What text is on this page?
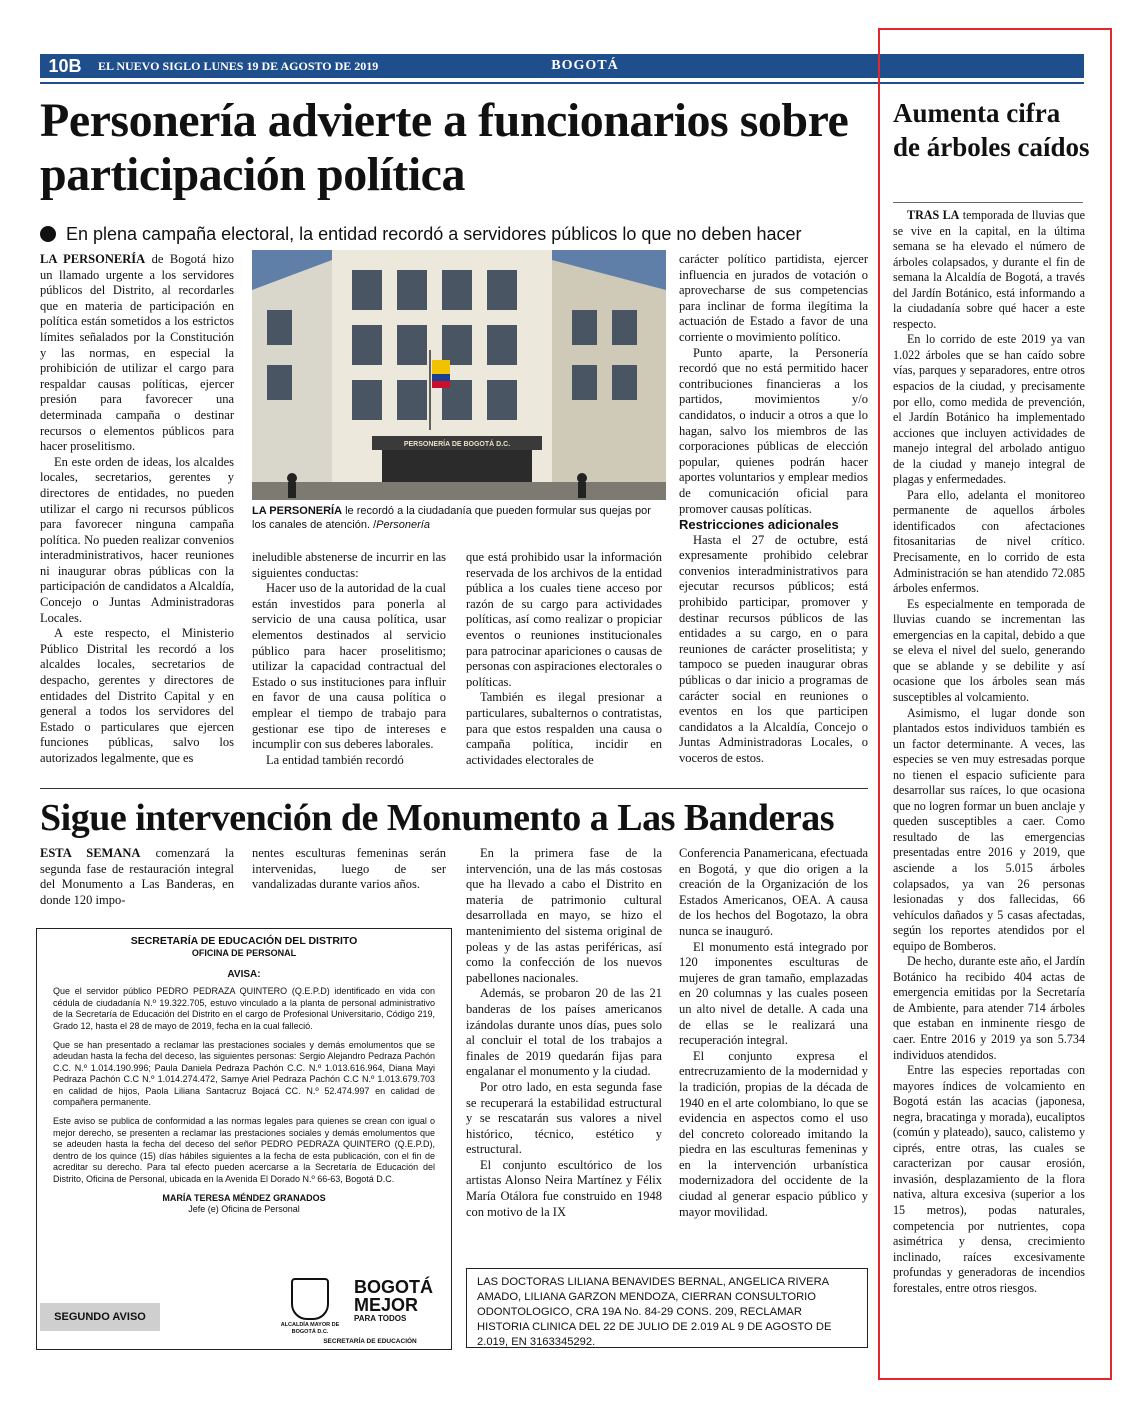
10B	EL NUEVO SIGLO LUNES 19 DE AGOSTO DE 2019	BOGOTÁ
Personería advierte a funcionarios sobre participación política
En plena campaña electoral, la entidad recordó a servidores públicos lo que no deben hacer

LA PERSONERÍA de Bogotá hizo un llamado urgente a los servidores públicos del Distrito, al recordarles que en materia de participación en política están sometidos a los estrictos límites señalados por la Constitución y las normas, en especial la prohibición de utilizar el cargo para respaldar causas políticas, ejercer presión para favorecer una determinada campaña o destinar recursos o elementos públicos para hacer proselitismo.

En este orden de ideas, los alcaldes locales, secretarios, gerentes y directores de entidades, no pueden utilizar el cargo ni recursos públicos para favorecer ninguna campaña política. No pueden realizar convenios interadministrativos, hacer reuniones ni inaugurar obras públicas con la participación de candidatos a Alcaldía, Concejo o Juntas Administradoras Locales.

A este respecto, el Ministerio Público Distrital les recordó a los alcaldes locales, secretarios de despacho, gerentes y directores de entidades del Distrito Capital y en general a todos los servidores del Estado o particulares que ejercen funciones públicas, salvo los autorizados legalmente, que es

PERSONERÍA DE BOGOTÁ D.C.
LA PERSONERÍA le recordó a la ciudadanía que pueden formular sus quejas por los canales de atención. /Personería

ineludible abstenerse de incurrir en las siguientes conductas:

Hacer uso de la autoridad de la cual están investidos para ponerla al servicio de una causa política, usar elementos destinados al servicio público para hacer proselitismo; utilizar la capacidad contractual del Estado o sus instituciones para influir en favor de una causa política o emplear el tiempo de trabajo para gestionar ese tipo de intereses e incumplir con sus deberes laborales.

La entidad también recordó

que está prohibido usar la información reservada de los archivos de la entidad pública a los cuales tiene acceso por razón de su cargo para actividades políticas, así como realizar o propiciar eventos o reuniones institucionales para patrocinar apariciones o causas de personas con aspiraciones electorales o políticas.

También es ilegal presionar a particulares, subalternos o contratistas, para que estos respalden una causa o campaña política, incidir en actividades electorales de

carácter político partidista, ejercer influencia en jurados de votación o aprovecharse de sus competencias para inclinar de forma ilegítima la actuación de Estado a favor de una corriente o movimiento político.

Punto aparte, la Personería recordó que no está permitido hacer contribuciones financieras a los partidos, movimientos y/o candidatos, o inducir a otros a que lo hagan, salvo los miembros de las corporaciones públicas de elección popular, quienes podrán hacer aportes voluntarios y emplear medios de comunicación oficial para promover causas políticas.

Restricciones adicionales

Hasta el 27 de octubre, está expresamente prohibido celebrar convenios interadministrativos para ejecutar recursos públicos; está prohibido participar, promover y destinar recursos públicos de las entidades a su cargo, en o para reuniones de carácter proselitista; y tampoco se pueden inaugurar obras públicas o dar inicio a programas de carácter social en reuniones o eventos en los que participen candidatos a la Alcaldía, Concejo o Juntas Administradoras Locales, o voceros de estos.

Sigue intervención de Monumento a Las Banderas

ESTA SEMANA comenzará la segunda fase de restauración integral del Monumento a Las Banderas, en donde 120 impo-

nentes esculturas femeninas serán intervenidas, luego de ser vandalizadas durante varios años.

En la primera fase de la intervención, una de las más costosas que ha llevado a cabo el Distrito en materia de patrimonio cultural desarrollada en mayo, se hizo el mantenimiento del sistema original de poleas y de las astas periféricas, así como la confección de los nuevos pabellones nacionales.

Además, se probaron 20 de las 21 banderas de los países americanos izándolas durante unos días, pues solo al concluir el total de los trabajos a finales de 2019 quedarán fijas para engalanar el monumento y la ciudad.

Por otro lado, en esta segunda fase se recuperará la estabilidad estructural y se rescatarán sus valores a nivel histórico, técnico, estético y estructural.

El conjunto escultórico de los artistas Alonso Neira Martínez y Félix María Otálora fue construido en 1948 con motivo de la IX

Conferencia Panamericana, efectuada en Bogotá, y que dio origen a la creación de la Organización de los Estados Americanos, OEA. A causa de los hechos del Bogotazo, la obra nunca se inauguró.

El monumento está integrado por 120 imponentes esculturas de mujeres de gran tamaño, emplazadas en 20 columnas y las cuales poseen un alto nivel de detalle. A cada una de ellas se le realizará una recuperación integral.

El conjunto expresa el entrecruzamiento de la modernidad y la tradición, propias de la década de 1940 en el arte colombiano, lo que se evidencia en aspectos como el uso del concreto coloreado imitando la piedra en las esculturas femeninas y en la intervención urbanística modernizadora del occidente de la ciudad al generar espacio público y mayor movilidad.

SECRETARÍA DE EDUCACIÓN DEL DISTRITO
OFICINA DE PERSONAL
AVISA:

Que el servidor público PEDRO PEDRAZA QUINTERO (Q.E.P.D) identificado en vida con cédula de ciudadanía N.º 19.322.705, estuvo vinculado a la planta de personal administrativo de la Secretaría de Educación del Distrito en el cargo de Profesional Universitario, Código 219, Grado 12, hasta el 28 de mayo de 2019, fecha en la cual falleció.

Que se han presentado a reclamar las prestaciones sociales y demás emolumentos que se adeudan hasta la fecha del deceso, las siguientes personas: Sergio Alejandro Pedraza Pachón C.C. N.º 1.014.190.996; Paula Daniela Pedraza Pachón C.C. N.º 1.013.616.964, Diana Mayi Pedraza Pachón C.C N.º 1.014.274.472, Samye Ariel Pedraza Pachón C.C N.º 1.013.679.703 en calidad de hijos, Paola Liliana Santacruz Bojacá CC. N.º 52.474.997 en calidad de compañera permanente.

Este aviso se publica de conformidad a las normas legales para quienes se crean con igual o mejor derecho, se presenten a reclamar las prestaciones sociales y demás emolumentos que se adeuden hasta la fecha del deceso del señor PEDRO PEDRAZA QUINTERO (Q.E.P.D), dentro de los quince (15) días hábiles siguientes a la fecha de esta publicación, con el fin de acreditar su derecho. Para tal efecto pueden acercarse a la Secretaría de Educación del Distrito, Oficina de Personal, ubicada en la Avenida El Dorado N.º 66-63, Bogotá D.C.

MARÍA TERESA MÉNDEZ GRANADOS
Jefe (e) Oficina de Personal
SEGUNDO AVISO
ALCALDÍA MAYOR DE BOGOTÁ D.C.
BOGOTÁ
MEJOR
PARA TODOS
SECRETARÍA DE EDUCACIÓN
LAS DOCTORAS LILIANA BENAVIDES BERNAL, ANGELICA RIVERA AMADO, LILIANA GARZON MENDOZA, CIERRAN CONSULTORIO ODONTOLOGICO, CRA 19A No. 84-29 CONS. 209, RECLAMAR HISTORIA CLINICA DEL 22 DE JULIO DE 2.019 AL 9 DE AGOSTO DE 2.019, EN 3163345292.
Aumenta cifra de árboles caídos

TRAS LA temporada de lluvias que se vive en la capital, en la última semana se ha elevado el número de árboles colapsados, y durante el fin de semana la Alcaldía de Bogotá, a través del Jardín Botánico, está informando a la ciudadanía sobre qué hacer a este respecto.

En lo corrido de este 2019 ya van 1.022 árboles que se han caído sobre vías, parques y separadores, entre otros espacios de la ciudad, y precisamente por ello, como medida de prevención, el Jardín Botánico ha implementado acciones que incluyen actividades de manejo integral del arbolado antiguo de la ciudad y manejo integral de plagas y enfermedades.

Para ello, adelanta el monitoreo permanente de aquellos árboles identificados con afectaciones fitosanitarias de nivel crítico. Precisamente, en lo corrido de esta Administración se han atendido 72.085 árboles enfermos.

Es especialmente en temporada de lluvias cuando se incrementan las emergencias en la capital, debido a que se eleva el nivel del suelo, generando que se ablande y se debilite y así ocasione que los árboles sean más susceptibles al volcamiento.

Asimismo, el lugar donde son plantados estos individuos también es un factor determinante. A veces, las especies se ven muy estresadas porque no tienen el espacio suficiente para desarrollar sus raíces, lo que ocasiona que no logren formar un buen anclaje y queden susceptibles a caer. Como resultado de las emergencias presentadas entre 2016 y 2019, que asciende a los 5.015 árboles colapsados, ya van 26 personas lesionadas y dos fallecidas, 66 vehículos dañados y 5 casas afectadas, según los reportes atendidos por el equipo de Bomberos.

De hecho, durante este año, el Jardín Botánico ha recibido 404 actas de emergencia emitidas por la Secretaría de Ambiente, para atender 714 árboles que estaban en inminente riesgo de caer. Entre 2016 y 2019 ya son 5.734 individuos atendidos.

Entre las especies reportadas con mayores índices de volcamiento en Bogotá están las acacias (japonesa, negra, bracatinga y morada), eucaliptos (común y plateado), sauco, calistemo y ciprés, entre otras, las cuales se caracterizan por causar erosión, invasión, desplazamiento de la flora nativa, altura excesiva (superior a los 15 metros), podas naturales, competencia por nutrientes, copa asimétrica y densa, crecimiento inclinado, raíces excesivamente profundas y generadoras de incendios forestales, entre otros riesgos.
